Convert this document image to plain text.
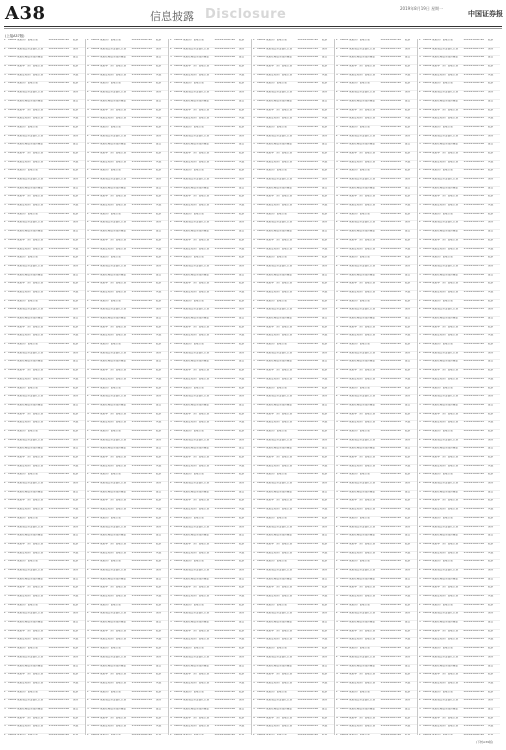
A38	信息披露 Disclosure	2019年8月19日 星期一
中国证券报
(上接A37版)
1 X0001 某某资产管理计划	500 2019-02-20	股票
2 X0002 某某集合资金信托计划	300 2019-03-12	债券
3 X0003 某某私募证券投资基金	200 2019-04-08	混合
4 X0004 某某单一资产管理计划	800 2019-05-16	股票
5 X0005 某某定向资产管理计划	150 2019-06-03	其他
1 X0001 某某资产管理计划	500 2019-02-20	股票
2 X0002 某某集合资金信托计划	300 2019-03-12	债券
3 X0003 某某私募证券投资基金	200 2019-04-08	混合
4 X0004 某某单一资产管理计划	800 2019-05-16	股票
5 X0005 某某定向资产管理计划	150 2019-06-03	其他
1 X0001 某某资产管理计划	500 2019-02-20	股票
2 X0002 某某集合资金信托计划	300 2019-03-12	债券
3 X0003 某某私募证券投资基金	200 2019-04-08	混合
4 X0004 某某单一资产管理计划	800 2019-05-16	股票
5 X0005 某某定向资产管理计划	150 2019-06-03	其他
1 X0001 某某资产管理计划	500 2019-02-20	股票
2 X0002 某某集合资金信托计划	300 2019-03-12	债券
3 X0003 某某私募证券投资基金	200 2019-04-08	混合
4 X0004 某某单一资产管理计划	800 2019-05-16	股票
5 X0005 某某定向资产管理计划	150 2019-06-03	其他
1 X0001 某某资产管理计划	500 2019-02-20	股票
2 X0002 某某集合资金信托计划	300 2019-03-12	债券
3 X0003 某某私募证券投资基金	200 2019-04-08	混合
4 X0004 某某单一资产管理计划	800 2019-05-16	股票
5 X0005 某某定向资产管理计划	150 2019-06-03	其他
1 X0001 某某资产管理计划	500 2019-02-20	股票
2 X0002 某某集合资金信托计划	300 2019-03-12	债券
3 X0003 某某私募证券投资基金	200 2019-04-08	混合
4 X0004 某某单一资产管理计划	800 2019-05-16	股票
5 X0005 某某定向资产管理计划	150 2019-06-03	其他
1 X0001 某某资产管理计划	500 2019-02-20	股票
2 X0002 某某集合资金信托计划	300 2019-03-12	债券
3 X0003 某某私募证券投资基金	200 2019-04-08	混合
4 X0004 某某单一资产管理计划	800 2019-05-16	股票
5 X0005 某某定向资产管理计划	150 2019-06-03	其他
1 X0001 某某资产管理计划	500 2019-02-20	股票
2 X0002 某某集合资金信托计划	300 2019-03-12	债券
3 X0003 某某私募证券投资基金	200 2019-04-08	混合
4 X0004 某某单一资产管理计划	800 2019-05-16	股票
5 X0005 某某定向资产管理计划	150 2019-06-03	其他
1 X0001 某某资产管理计划	500 2019-02-20	股票
2 X0002 某某集合资金信托计划	300 2019-03-12	债券
3 X0003 某某私募证券投资基金	200 2019-04-08	混合
4 X0004 某某单一资产管理计划	800 2019-05-16	股票
5 X0005 某某定向资产管理计划	150 2019-06-03	其他
1 X0001 某某资产管理计划	500 2019-02-20	股票
2 X0002 某某集合资金信托计划	300 2019-03-12	债券
3 X0003 某某私募证券投资基金	200 2019-04-08	混合
4 X0004 某某单一资产管理计划	800 2019-05-16	股票
5 X0005 某某定向资产管理计划	150 2019-06-03	其他
1 X0001 某某资产管理计划	500 2019-02-20	股票
2 X0002 某某集合资金信托计划	300 2019-03-12	债券
3 X0003 某某私募证券投资基金	200 2019-04-08	混合
4 X0004 某某单一资产管理计划	800 2019-05-16	股票
5 X0005 某某定向资产管理计划	150 2019-06-03	其他
1 X0001 某某资产管理计划	500 2019-02-20	股票
2 X0002 某某集合资金信托计划	300 2019-03-12	债券
3 X0003 某某私募证券投资基金	200 2019-04-08	混合
4 X0004 某某单一资产管理计划	800 2019-05-16	股票
5 X0005 某某定向资产管理计划	150 2019-06-03	其他
1 X0001 某某资产管理计划	500 2019-02-20	股票
2 X0002 某某集合资金信托计划	300 2019-03-12	债券
3 X0003 某某私募证券投资基金	200 2019-04-08	混合
4 X0004 某某单一资产管理计划	800 2019-05-16	股票
5 X0005 某某定向资产管理计划	150 2019-06-03	其他
1 X0001 某某资产管理计划	500 2019-02-20	股票
2 X0002 某某集合资金信托计划	300 2019-03-12	债券
3 X0003 某某私募证券投资基金	200 2019-04-08	混合
4 X0004 某某单一资产管理计划	800 2019-05-16	股票
5 X0005 某某定向资产管理计划	150 2019-06-03	其他
1 X0001 某某资产管理计划	500 2019-02-20	股票
2 X0002 某某集合资金信托计划	300 2019-03-12	债券
3 X0003 某某私募证券投资基金	200 2019-04-08	混合
4 X0004 某某单一资产管理计划	800 2019-05-16	股票
5 X0005 某某定向资产管理计划	150 2019-06-03	其他
1 X0001 某某资产管理计划	500 2019-02-20	股票
2 X0002 某某集合资金信托计划	300 2019-03-12	债券
3 X0003 某某私募证券投资基金	200 2019-04-08	混合
4 X0004 某某单一资产管理计划	800 2019-05-16	股票
5 X0005 某某定向资产管理计划	150 2019-06-03	其他
1 X0001 某某资产管理计划	500 2019-02-20	股票
2 X0002 某某集合资金信托计划	300 2019-03-12	债券
3 X0003 某某私募证券投资基金	200 2019-04-08	混合
4 X0004 某某单一资产管理计划	800 2019-05-16	股票
5 X0005 某某定向资产管理计划	150 2019-06-03	其他
1 X0001 某某资产管理计划	500 2019-02-20	股票
2 X0002 某某集合资金信托计划	300 2019-03-12	债券
3 X0003 某某私募证券投资基金	200 2019-04-08	混合
4 X0004 某某单一资产管理计划	800 2019-05-16	股票
5 X0005 某某定向资产管理计划	150 2019-06-03	其他
1 X0001 某某资产管理计划	500 2019-02-20	股票
2 X0002 某某集合资金信托计划	300 2019-03-12	债券
3 X0003 某某私募证券投资基金	200 2019-04-08	混合
4 X0004 某某单一资产管理计划	800 2019-05-16	股票
5 X0005 某某定向资产管理计划	150 2019-06-03	其他
1 X0001 某某资产管理计划	500 2019-02-20	股票
2 X0002 某某集合资金信托计划	300 2019-03-12	债券
3 X0003 某某私募证券投资基金	200 2019-04-08	混合
4 X0004 某某单一资产管理计划	800 2019-05-16	股票
5 X0005 某某定向资产管理计划	150 2019-06-03	其他
1 X0001 某某资产管理计划	500 2019-02-20	股票
2 X0002 某某集合资金信托计划	300 2019-03-12	债券
3 X0003 某某私募证券投资基金	200 2019-04-08	混合
4 X0004 某某单一资产管理计划	800 2019-05-16	股票
5 X0005 某某定向资产管理计划	150 2019-06-03	其他
1 X0001 某某资产管理计划	500 2019-02-20	股票
2 X0002 某某集合资金信托计划	300 2019-03-12	债券
3 X0003 某某私募证券投资基金	200 2019-04-08	混合
4 X0004 某某单一资产管理计划	800 2019-05-16	股票
5 X0005 某某定向资产管理计划	150 2019-06-03	其他
1 X0001 某某资产管理计划	500 2019-02-20	股票
2 X0002 某某集合资金信托计划	300 2019-03-12	债券
3 X0003 某某私募证券投资基金	200 2019-04-08	混合
4 X0004 某某单一资产管理计划	800 2019-05-16	股票
5 X0005 某某定向资产管理计划	150 2019-06-03	其他
1 X0001 某某资产管理计划	500 2019-02-20	股票
2 X0002 某某集合资金信托计划	300 2019-03-12	债券
3 X0003 某某私募证券投资基金	200 2019-04-08	混合
4 X0004 某某单一资产管理计划	800 2019-05-16	股票
5 X0005 某某定向资产管理计划	150 2019-06-03	其他
1 X0001 某某资产管理计划	500 2019-02-20	股票
2 X0002 某某集合资金信托计划	300 2019-03-12	债券
3 X0003 某某私募证券投资基金	200 2019-04-08	混合
4 X0004 某某单一资产管理计划	800 2019-05-16	股票
5 X0005 某某定向资产管理计划	150 2019-06-03	其他
1 X0001 某某资产管理计划	500 2019-02-20	股票
2 X0002 某某集合资金信托计划	300 2019-03-12	债券
3 X0003 某某私募证券投资基金	200 2019-04-08	混合
4 X0004 某某单一资产管理计划	800 2019-05-16	股票
5 X0005 某某定向资产管理计划	150 2019-06-03	其他
1 X0001 某某资产管理计划	500 2019-02-20	股票
2 X0002 某某集合资金信托计划	300 2019-03-12	债券
3 X0003 某某私募证券投资基金	200 2019-04-08	混合
4 X0004 某某单一资产管理计划	800 2019-05-16	股票
5 X0005 某某定向资产管理计划	150 2019-06-03	其他
1 X0001 某某资产管理计划	500 2019-02-20	股票
2 X0002 某某集合资金信托计划	300 2019-03-12	债券
3 X0003 某某私募证券投资基金	200 2019-04-08	混合
4 X0004 某某单一资产管理计划	800 2019-05-16	股票
5 X0005 某某定向资产管理计划	150 2019-06-03	其他
1 X0001 某某资产管理计划	500 2019-02-20	股票
2 X0002 某某集合资金信托计划	300 2019-03-12	债券
3 X0003 某某私募证券投资基金	200 2019-04-08	混合
4 X0004 某某单一资产管理计划	800 2019-05-16	股票
5 X0005 某某定向资产管理计划	150 2019-06-03	其他
1 X0001 某某资产管理计划	500 2019-02-20	股票
2 X0002 某某集合资金信托计划	300 2019-03-12	债券
3 X0003 某某私募证券投资基金	200 2019-04-08	混合
4 X0004 某某单一资产管理计划	800 2019-05-16	股票
5 X0005 某某定向资产管理计划	150 2019-06-03	其他
1 X0001 某某资产管理计划	500 2019-02-20	股票
2 X0002 某某集合资金信托计划	300 2019-03-12	债券
3 X0003 某某私募证券投资基金	200 2019-04-08	混合
4 X0004 某某单一资产管理计划	800 2019-05-16	股票
5 X0005 某某定向资产管理计划	150 2019-06-03	其他
1 X0001 某某资产管理计划	500 2019-02-20	股票
2 X0002 某某集合资金信托计划	300 2019-03-12	债券
3 X0003 某某私募证券投资基金	200 2019-04-08	混合
4 X0004 某某单一资产管理计划	800 2019-05-16	股票
5 X0005 某某定向资产管理计划	150 2019-06-03	其他
1 X0001 某某资产管理计划	500 2019-02-20	股票
2 X0002 某某集合资金信托计划	300 2019-03-12	债券
3 X0003 某某私募证券投资基金	200 2019-04-08	混合
4 X0004 某某单一资产管理计划	800 2019-05-16	股票
5 X0005 某某定向资产管理计划	150 2019-06-03	其他
1 X0001 某某资产管理计划	500 2019-02-20	股票
2 X0002 某某集合资金信托计划	300 2019-03-12	债券
3 X0003 某某私募证券投资基金	200 2019-04-08	混合
4 X0004 某某单一资产管理计划	800 2019-05-16	股票
5 X0005 某某定向资产管理计划	150 2019-06-03	其他
1 X0001 某某资产管理计划	500 2019-02-20	股票
2 X0002 某某集合资金信托计划	300 2019-03-12	债券
3 X0003 某某私募证券投资基金	200 2019-04-08	混合
4 X0004 某某单一资产管理计划	800 2019-05-16	股票
5 X0005 某某定向资产管理计划	150 2019-06-03	其他
1 X0001 某某资产管理计划	500 2019-02-20	股票
2 X0002 某某集合资金信托计划	300 2019-03-12	债券
3 X0003 某某私募证券投资基金	200 2019-04-08	混合
4 X0004 某某单一资产管理计划	800 2019-05-16	股票
5 X0005 某某定向资产管理计划	150 2019-06-03	其他
1 X0001 某某资产管理计划	500 2019-02-20	股票
2 X0002 某某集合资金信托计划	300 2019-03-12	债券
3 X0003 某某私募证券投资基金	200 2019-04-08	混合
4 X0004 某某单一资产管理计划	800 2019-05-16	股票
5 X0005 某某定向资产管理计划	150 2019-06-03	其他
1 X0001 某某资产管理计划	500 2019-02-20	股票
2 X0002 某某集合资金信托计划	300 2019-03-12	债券
3 X0003 某某私募证券投资基金	200 2019-04-08	混合
4 X0004 某某单一资产管理计划	800 2019-05-16	股票
5 X0005 某某定向资产管理计划	150 2019-06-03	其他
1 X0001 某某资产管理计划	500 2019-02-20	股票
2 X0002 某某集合资金信托计划	300 2019-03-12	债券
3 X0003 某某私募证券投资基金	200 2019-04-08	混合
4 X0004 某某单一资产管理计划	800 2019-05-16	股票
5 X0005 某某定向资产管理计划	150 2019-06-03	其他
1 X0001 某某资产管理计划	500 2019-02-20	股票
2 X0002 某某集合资金信托计划	300 2019-03-12	债券
3 X0003 某某私募证券投资基金	200 2019-04-08	混合
4 X0004 某某单一资产管理计划	800 2019-05-16	股票
5 X0005 某某定向资产管理计划	150 2019-06-03	其他
1 X0001 某某资产管理计划	500 2019-02-20	股票
2 X0002 某某集合资金信托计划	300 2019-03-12	债券
3 X0003 某某私募证券投资基金	200 2019-04-08	混合
4 X0004 某某单一资产管理计划	800 2019-05-16	股票
5 X0005 某某定向资产管理计划	150 2019-06-03	其他
1 X0001 某某资产管理计划	500 2019-02-20	股票
2 X0002 某某集合资金信托计划	300 2019-03-12	债券
3 X0003 某某私募证券投资基金	200 2019-04-08	混合
4 X0004 某某单一资产管理计划	800 2019-05-16	股票
5 X0005 某某定向资产管理计划	150 2019-06-03	其他
1 X0001 某某资产管理计划	500 2019-02-20	股票
2 X0002 某某集合资金信托计划	300 2019-03-12	债券
3 X0003 某某私募证券投资基金	200 2019-04-08	混合
4 X0004 某某单一资产管理计划	800 2019-05-16	股票
5 X0005 某某定向资产管理计划	150 2019-06-03	其他
1 X0001 某某资产管理计划	500 2019-02-20	股票
2 X0002 某某集合资金信托计划	300 2019-03-12	债券
3 X0003 某某私募证券投资基金	200 2019-04-08	混合
4 X0004 某某单一资产管理计划	800 2019-05-16	股票
5 X0005 某某定向资产管理计划	150 2019-06-03	其他
1 X0001 某某资产管理计划	500 2019-02-20	股票
2 X0002 某某集合资金信托计划	300 2019-03-12	债券
3 X0003 某某私募证券投资基金	200 2019-04-08	混合
4 X0004 某某单一资产管理计划	800 2019-05-16	股票
5 X0005 某某定向资产管理计划	150 2019-06-03	其他
1 X0001 某某资产管理计划	500 2019-02-20	股票
2 X0002 某某集合资金信托计划	300 2019-03-12	债券
3 X0003 某某私募证券投资基金	200 2019-04-08	混合
4 X0004 某某单一资产管理计划	800 2019-05-16	股票
5 X0005 某某定向资产管理计划	150 2019-06-03	其他
1 X0001 某某资产管理计划	500 2019-02-20	股票
2 X0002 某某集合资金信托计划	300 2019-03-12	债券
3 X0003 某某私募证券投资基金	200 2019-04-08	混合
4 X0004 某某单一资产管理计划	800 2019-05-16	股票
5 X0005 某某定向资产管理计划	150 2019-06-03	其他
1 X0001 某某资产管理计划	500 2019-02-20	股票
2 X0002 某某集合资金信托计划	300 2019-03-12	债券
3 X0003 某某私募证券投资基金	200 2019-04-08	混合
4 X0004 某某单一资产管理计划	800 2019-05-16	股票
5 X0005 某某定向资产管理计划	150 2019-06-03	其他
1 X0001 某某资产管理计划	500 2019-02-20	股票
2 X0002 某某集合资金信托计划	300 2019-03-12	债券
3 X0003 某某私募证券投资基金	200 2019-04-08	混合
4 X0004 某某单一资产管理计划	800 2019-05-16	股票
5 X0005 某某定向资产管理计划	150 2019-06-03	其他
1 X0001 某某资产管理计划	500 2019-02-20	股票
2 X0002 某某集合资金信托计划	300 2019-03-12	债券
3 X0003 某某私募证券投资基金	200 2019-04-08	混合
4 X0004 某某单一资产管理计划	800 2019-05-16	股票
5 X0005 某某定向资产管理计划	150 2019-06-03	其他
1 X0001 某某资产管理计划	500 2019-02-20	股票
2 X0002 某某集合资金信托计划	300 2019-03-12	债券
3 X0003 某某私募证券投资基金	200 2019-04-08	混合
4 X0004 某某单一资产管理计划	800 2019-05-16	股票
5 X0005 某某定向资产管理计划	150 2019-06-03	其他
1 X0001 某某资产管理计划	500 2019-02-20	股票
2 X0002 某某集合资金信托计划	300 2019-03-12	债券
3 X0003 某某私募证券投资基金	200 2019-04-08	混合
4 X0004 某某单一资产管理计划	800 2019-05-16	股票
5 X0005 某某定向资产管理计划	150 2019-06-03	其他
1 X0001 某某资产管理计划	500 2019-02-20	股票
2 X0002 某某集合资金信托计划	300 2019-03-12	债券
3 X0003 某某私募证券投资基金	200 2019-04-08	混合
4 X0004 某某单一资产管理计划	800 2019-05-16	股票
5 X0005 某某定向资产管理计划	150 2019-06-03	其他
1 X0001 某某资产管理计划	500 2019-02-20	股票
2 X0002 某某集合资金信托计划	300 2019-03-12	债券
3 X0003 某某私募证券投资基金	200 2019-04-08	混合
4 X0004 某某单一资产管理计划	800 2019-05-16	股票
5 X0005 某某定向资产管理计划	150 2019-06-03	其他
1 X0001 某某资产管理计划	500 2019-02-20	股票
2 X0002 某某集合资金信托计划	300 2019-03-12	债券
3 X0003 某某私募证券投资基金	200 2019-04-08	混合
4 X0004 某某单一资产管理计划	800 2019-05-16	股票
5 X0005 某某定向资产管理计划	150 2019-06-03	其他
1 X0001 某某资产管理计划	500 2019-02-20	股票
2 X0002 某某集合资金信托计划	300 2019-03-12	债券
3 X0003 某某私募证券投资基金	200 2019-04-08	混合
4 X0004 某某单一资产管理计划	800 2019-05-16	股票
5 X0005 某某定向资产管理计划	150 2019-06-03	其他
1 X0001 某某资产管理计划	500 2019-02-20	股票
2 X0002 某某集合资金信托计划	300 2019-03-12	债券
3 X0003 某某私募证券投资基金	200 2019-04-08	混合
4 X0004 某某单一资产管理计划	800 2019-05-16	股票
5 X0005 某某定向资产管理计划	150 2019-06-03	其他
1 X0001 某某资产管理计划	500 2019-02-20	股票
2 X0002 某某集合资金信托计划	300 2019-03-12	债券
3 X0003 某某私募证券投资基金	200 2019-04-08	混合
4 X0004 某某单一资产管理计划	800 2019-05-16	股票
5 X0005 某某定向资产管理计划	150 2019-06-03	其他
1 X0001 某某资产管理计划	500 2019-02-20	股票
2 X0002 某某集合资金信托计划	300 2019-03-12	债券
3 X0003 某某私募证券投资基金	200 2019-04-08	混合
4 X0004 某某单一资产管理计划	800 2019-05-16	股票
5 X0005 某某定向资产管理计划	150 2019-06-03	其他
1 X0001 某某资产管理计划	500 2019-02-20	股票
2 X0002 某某集合资金信托计划	300 2019-03-12	债券
3 X0003 某某私募证券投资基金	200 2019-04-08	混合
4 X0004 某某单一资产管理计划	800 2019-05-16	股票
5 X0005 某某定向资产管理计划	150 2019-06-03	其他
1 X0001 某某资产管理计划	500 2019-02-20	股票
2 X0002 某某集合资金信托计划	300 2019-03-12	债券
3 X0003 某某私募证券投资基金	200 2019-04-08	混合
4 X0004 某某单一资产管理计划	800 2019-05-16	股票
5 X0005 某某定向资产管理计划	150 2019-06-03	其他
1 X0001 某某资产管理计划	500 2019-02-20	股票
2 X0002 某某集合资金信托计划	300 2019-03-12	债券
3 X0003 某某私募证券投资基金	200 2019-04-08	混合
4 X0004 某某单一资产管理计划	800 2019-05-16	股票
5 X0005 某某定向资产管理计划	150 2019-06-03	其他
1 X0001 某某资产管理计划	500 2019-02-20	股票
2 X0002 某某集合资金信托计划	300 2019-03-12	债券
3 X0003 某某私募证券投资基金	200 2019-04-08	混合
4 X0004 某某单一资产管理计划	800 2019-05-16	股票
5 X0005 某某定向资产管理计划	150 2019-06-03	其他
1 X0001 某某资产管理计划	500 2019-02-20	股票
2 X0002 某某集合资金信托计划	300 2019-03-12	债券
3 X0003 某某私募证券投资基金	200 2019-04-08	混合
4 X0004 某某单一资产管理计划	800 2019-05-16	股票
5 X0005 某某定向资产管理计划	150 2019-06-03	其他
1 X0001 某某资产管理计划	500 2019-02-20	股票
2 X0002 某某集合资金信托计划	300 2019-03-12	债券
3 X0003 某某私募证券投资基金	200 2019-04-08	混合
4 X0004 某某单一资产管理计划	800 2019-05-16	股票
5 X0005 某某定向资产管理计划	150 2019-06-03	其他
1 X0001 某某资产管理计划	500 2019-02-20	股票
2 X0002 某某集合资金信托计划	300 2019-03-12	债券
3 X0003 某某私募证券投资基金	200 2019-04-08	混合
4 X0004 某某单一资产管理计划	800 2019-05-16	股票
5 X0005 某某定向资产管理计划	150 2019-06-03	其他
1 X0001 某某资产管理计划	500 2019-02-20	股票
2 X0002 某某集合资金信托计划	300 2019-03-12	债券
3 X0003 某某私募证券投资基金	200 2019-04-08	混合
4 X0004 某某单一资产管理计划	800 2019-05-16	股票
5 X0005 某某定向资产管理计划	150 2019-06-03	其他
1 X0001 某某资产管理计划	500 2019-02-20	股票
2 X0002 某某集合资金信托计划	300 2019-03-12	债券
3 X0003 某某私募证券投资基金	200 2019-04-08	混合
4 X0004 某某单一资产管理计划	800 2019-05-16	股票
5 X0005 某某定向资产管理计划	150 2019-06-03	其他
1 X0001 某某资产管理计划	500 2019-02-20	股票
2 X0002 某某集合资金信托计划	300 2019-03-12	债券
3 X0003 某某私募证券投资基金	200 2019-04-08	混合
4 X0004 某某单一资产管理计划	800 2019-05-16	股票
5 X0005 某某定向资产管理计划	150 2019-06-03	其他
1 X0001 某某资产管理计划	500 2019-02-20	股票
2 X0002 某某集合资金信托计划	300 2019-03-12	债券
3 X0003 某某私募证券投资基金	200 2019-04-08	混合
4 X0004 某某单一资产管理计划	800 2019-05-16	股票
5 X0005 某某定向资产管理计划	150 2019-06-03	其他
1 X0001 某某资产管理计划	500 2019-02-20	股票
2 X0002 某某集合资金信托计划	300 2019-03-12	债券
3 X0003 某某私募证券投资基金	200 2019-04-08	混合
4 X0004 某某单一资产管理计划	800 2019-05-16	股票
5 X0005 某某定向资产管理计划	150 2019-06-03	其他
1 X0001 某某资产管理计划	500 2019-02-20	股票
2 X0002 某某集合资金信托计划	300 2019-03-12	债券
3 X0003 某某私募证券投资基金	200 2019-04-08	混合
4 X0004 某某单一资产管理计划	800 2019-05-16	股票
5 X0005 某某定向资产管理计划	150 2019-06-03	其他
1 X0001 某某资产管理计划	500 2019-02-20	股票
2 X0002 某某集合资金信托计划	300 2019-03-12	债券
3 X0003 某某私募证券投资基金	200 2019-04-08	混合
4 X0004 某某单一资产管理计划	800 2019-05-16	股票
5 X0005 某某定向资产管理计划	150 2019-06-03	其他
1 X0001 某某资产管理计划	500 2019-02-20	股票
2 X0002 某某集合资金信托计划	300 2019-03-12	债券
3 X0003 某某私募证券投资基金	200 2019-04-08	混合
4 X0004 某某单一资产管理计划	800 2019-05-16	股票
5 X0005 某某定向资产管理计划	150 2019-06-03	其他
1 X0001 某某资产管理计划	500 2019-02-20	股票
2 X0002 某某集合资金信托计划	300 2019-03-12	债券
3 X0003 某某私募证券投资基金	200 2019-04-08	混合
4 X0004 某某单一资产管理计划	800 2019-05-16	股票
5 X0005 某某定向资产管理计划	150 2019-06-03	其他
1 X0001 某某资产管理计划	500 2019-02-20	股票
2 X0002 某某集合资金信托计划	300 2019-03-12	债券
3 X0003 某某私募证券投资基金	200 2019-04-08	混合
4 X0004 某某单一资产管理计划	800 2019-05-16	股票
5 X0005 某某定向资产管理计划	150 2019-06-03	其他
1 X0001 某某资产管理计划	500 2019-02-20	股票
2 X0002 某某集合资金信托计划	300 2019-03-12	债券
3 X0003 某某私募证券投资基金	200 2019-04-08	混合
4 X0004 某某单一资产管理计划	800 2019-05-16	股票
5 X0005 某某定向资产管理计划	150 2019-06-03	其他
1 X0001 某某资产管理计划	500 2019-02-20	股票
2 X0002 某某集合资金信托计划	300 2019-03-12	债券
3 X0003 某某私募证券投资基金	200 2019-04-08	混合
4 X0004 某某单一资产管理计划	800 2019-05-16	股票
5 X0005 某某定向资产管理计划	150 2019-06-03	其他
1 X0001 某某资产管理计划	500 2019-02-20	股票
2 X0002 某某集合资金信托计划	300 2019-03-12	债券
3 X0003 某某私募证券投资基金	200 2019-04-08	混合
4 X0004 某某单一资产管理计划	800 2019-05-16	股票
5 X0005 某某定向资产管理计划	150 2019-06-03	其他
1 X0001 某某资产管理计划	500 2019-02-20	股票
2 X0002 某某集合资金信托计划	300 2019-03-12	债券
3 X0003 某某私募证券投资基金	200 2019-04-08	混合
4 X0004 某某单一资产管理计划	800 2019-05-16	股票
5 X0005 某某定向资产管理计划	150 2019-06-03	其他
1 X0001 某某资产管理计划	500 2019-02-20	股票
2 X0002 某某集合资金信托计划	300 2019-03-12	债券
3 X0003 某某私募证券投资基金	200 2019-04-08	混合
4 X0004 某某单一资产管理计划	800 2019-05-16	股票
5 X0005 某某定向资产管理计划	150 2019-06-03	其他
1 X0001 某某资产管理计划	500 2019-02-20	股票
2 X0002 某某集合资金信托计划	300 2019-03-12	债券
3 X0003 某某私募证券投资基金	200 2019-04-08	混合
4 X0004 某某单一资产管理计划	800 2019-05-16	股票
5 X0005 某某定向资产管理计划	150 2019-06-03	其他
1 X0001 某某资产管理计划	500 2019-02-20	股票
2 X0002 某某集合资金信托计划	300 2019-03-12	债券
3 X0003 某某私募证券投资基金	200 2019-04-08	混合
4 X0004 某某单一资产管理计划	800 2019-05-16	股票
5 X0005 某某定向资产管理计划	150 2019-06-03	其他
1 X0001 某某资产管理计划	500 2019-02-20	股票
2 X0002 某某集合资金信托计划	300 2019-03-12	债券
3 X0003 某某私募证券投资基金	200 2019-04-08	混合
4 X0004 某某单一资产管理计划	800 2019-05-16	股票
5 X0005 某某定向资产管理计划	150 2019-06-03	其他
1 X0001 某某资产管理计划	500 2019-02-20	股票
2 X0002 某某集合资金信托计划	300 2019-03-12	债券
3 X0003 某某私募证券投资基金	200 2019-04-08	混合
4 X0004 某某单一资产管理计划	800 2019-05-16	股票
5 X0005 某某定向资产管理计划	150 2019-06-03	其他
1 X0001 某某资产管理计划	500 2019-02-20	股票
2 X0002 某某集合资金信托计划	300 2019-03-12	债券
3 X0003 某某私募证券投资基金	200 2019-04-08	混合
4 X0004 某某单一资产管理计划	800 2019-05-16	股票
5 X0005 某某定向资产管理计划	150 2019-06-03	其他
1 X0001 某某资产管理计划	500 2019-02-20	股票
2 X0002 某某集合资金信托计划	300 2019-03-12	债券
3 X0003 某某私募证券投资基金	200 2019-04-08	混合
4 X0004 某某单一资产管理计划	800 2019-05-16	股票
5 X0005 某某定向资产管理计划	150 2019-06-03	其他
1 X0001 某某资产管理计划	500 2019-02-20	股票
2 X0002 某某集合资金信托计划	300 2019-03-12	债券
3 X0003 某某私募证券投资基金	200 2019-04-08	混合
4 X0004 某某单一资产管理计划	800 2019-05-16	股票
5 X0005 某某定向资产管理计划	150 2019-06-03	其他
1 X0001 某某资产管理计划	500 2019-02-20	股票
2 X0002 某某集合资金信托计划	300 2019-03-12	债券
3 X0003 某某私募证券投资基金	200 2019-04-08	混合
4 X0004 某某单一资产管理计划	800 2019-05-16	股票
5 X0005 某某定向资产管理计划	150 2019-06-03	其他
1 X0001 某某资产管理计划	500 2019-02-20	股票
2 X0002 某某集合资金信托计划	300 2019-03-12	债券
3 X0003 某某私募证券投资基金	200 2019-04-08	混合
4 X0004 某某单一资产管理计划	800 2019-05-16	股票
5 X0005 某某定向资产管理计划	150 2019-06-03	其他
1 X0001 某某资产管理计划	500 2019-02-20	股票
2 X0002 某某集合资金信托计划	300 2019-03-12	债券
3 X0003 某某私募证券投资基金	200 2019-04-08	混合
4 X0004 某某单一资产管理计划	800 2019-05-16	股票
5 X0005 某某定向资产管理计划	150 2019-06-03	其他
1 X0001 某某资产管理计划	500 2019-02-20	股票
2 X0002 某某集合资金信托计划	300 2019-03-12	债券
3 X0003 某某私募证券投资基金	200 2019-04-08	混合
4 X0004 某某单一资产管理计划	800 2019-05-16	股票
5 X0005 某某定向资产管理计划	150 2019-06-03	其他
1 X0001 某某资产管理计划	500 2019-02-20	股票
2 X0002 某某集合资金信托计划	300 2019-03-12	债券
3 X0003 某某私募证券投资基金	200 2019-04-08	混合
4 X0004 某某单一资产管理计划	800 2019-05-16	股票
5 X0005 某某定向资产管理计划	150 2019-06-03	其他
1 X0001 某某资产管理计划	500 2019-02-20	股票
2 X0002 某某集合资金信托计划	300 2019-03-12	债券
3 X0003 某某私募证券投资基金	200 2019-04-08	混合
4 X0004 某某单一资产管理计划	800 2019-05-16	股票
5 X0005 某某定向资产管理计划	150 2019-06-03	其他
1 X0001 某某资产管理计划	500 2019-02-20	股票
2 X0002 某某集合资金信托计划	300 2019-03-12	债券
3 X0003 某某私募证券投资基金	200 2019-04-08	混合
4 X0004 某某单一资产管理计划	800 2019-05-16	股票
5 X0005 某某定向资产管理计划	150 2019-06-03	其他
1 X0001 某某资产管理计划	500 2019-02-20	股票
2 X0002 某某集合资金信托计划	300 2019-03-12	债券
3 X0003 某某私募证券投资基金	200 2019-04-08	混合
4 X0004 某某单一资产管理计划	800 2019-05-16	股票
5 X0005 某某定向资产管理计划	150 2019-06-03	其他
(下转A39版)
